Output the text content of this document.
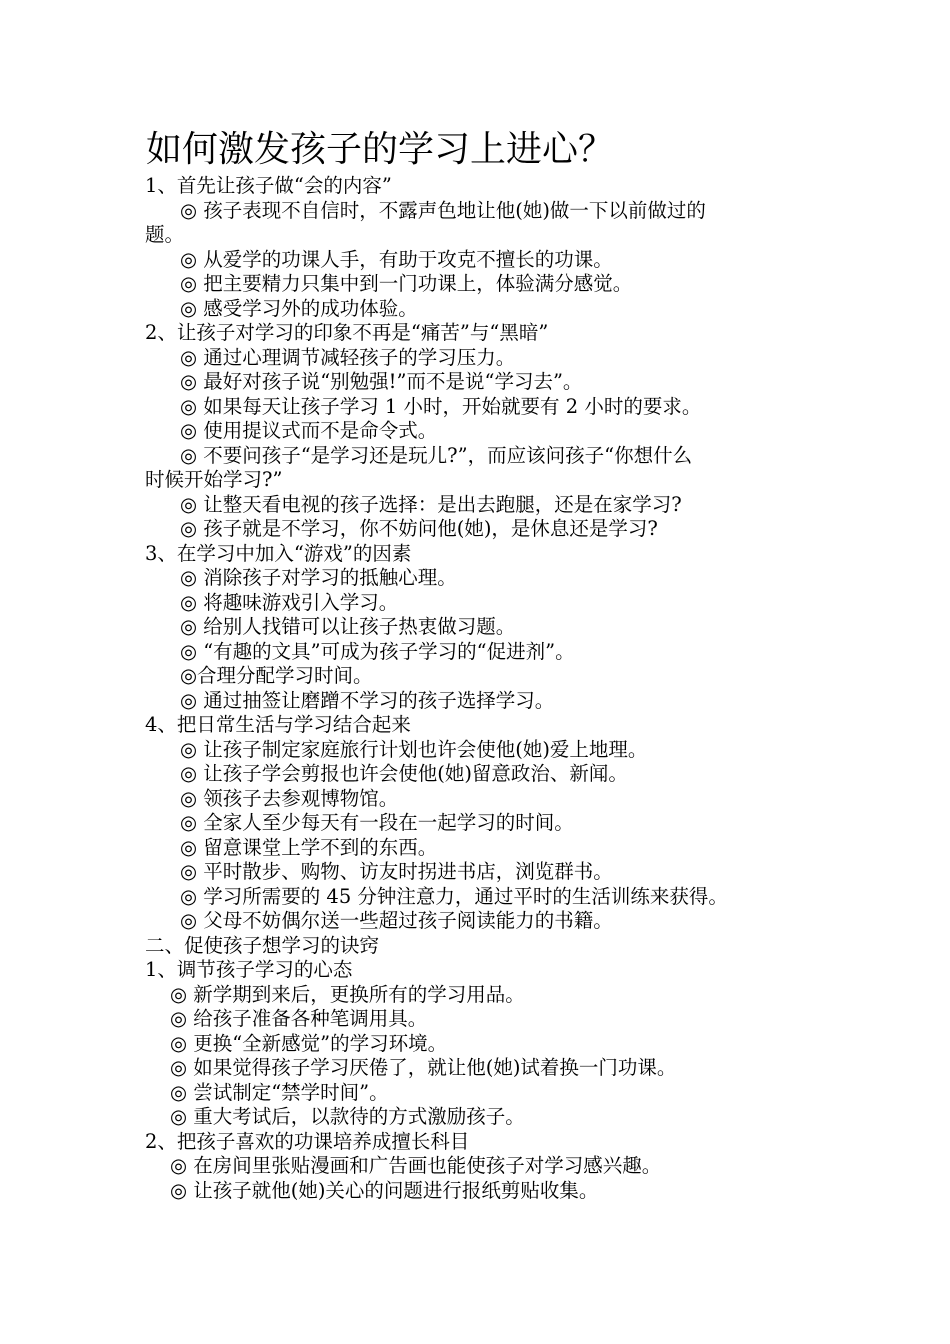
如何激发孩子的学习上进心？
1、首先让孩子做“会的内容”
◎ 孩子表现不自信时，不露声色地让他(她)做一下以前做过的
题。
◎ 从爱学的功课人手，有助于攻克不擅长的功课。
◎ 把主要精力只集中到一门功课上，体验满分感觉。
◎ 感受学习外的成功体验。
2、让孩子对学习的印象不再是“痛苦”与“黑暗”
◎ 通过心理调节减轻孩子的学习压力。
◎ 最好对孩子说“别勉强!”而不是说“学习去”。
◎ 如果每天让孩子学习 1 小时，开始就要有 2 小时的要求。
◎ 使用提议式而不是命令式。
◎ 不要问孩子“是学习还是玩儿?”，而应该问孩子“你想什么
时候开始学习?”
◎ 让整天看电视的孩子选择：是出去跑腿，还是在家学习?
◎ 孩子就是不学习，你不妨问他(她)，是休息还是学习?
3、在学习中加入“游戏”的因素
◎ 消除孩子对学习的抵触心理。
◎ 将趣味游戏引入学习。
◎ 给别人找错可以让孩子热衷做习题。
◎ “有趣的文具”可成为孩子学习的“促进剂”。
◎合理分配学习时间。
◎ 通过抽签让磨蹭不学习的孩子选择学习。
4、把日常生活与学习结合起来
◎ 让孩子制定家庭旅行计划也许会使他(她)爱上地理。
◎ 让孩子学会剪报也许会使他(她)留意政治、新闻。
◎ 领孩子去参观博物馆。
◎ 全家人至少每天有一段在一起学习的时间。
◎ 留意课堂上学不到的东西。
◎ 平时散步、购物、访友时拐进书店，浏览群书。
◎ 学习所需要的 45 分钟注意力，通过平时的生活训练来获得。
◎ 父母不妨偶尔送一些超过孩子阅读能力的书籍。
二、促使孩子想学习的诀窍
1、调节孩子学习的心态
◎ 新学期到来后，更换所有的学习用品。
◎ 给孩子准备各种笔调用具。
◎ 更换“全新感觉”的学习环境。
◎ 如果觉得孩子学习厌倦了，就让他(她)试着换一门功课。
◎ 尝试制定“禁学时间”。
◎ 重大考试后，以款待的方式激励孩子。
2、把孩子喜欢的功课培养成擅长科目
◎ 在房间里张贴漫画和广告画也能使孩子对学习感兴趣。
◎ 让孩子就他(她)关心的问题进行报纸剪贴收集。
